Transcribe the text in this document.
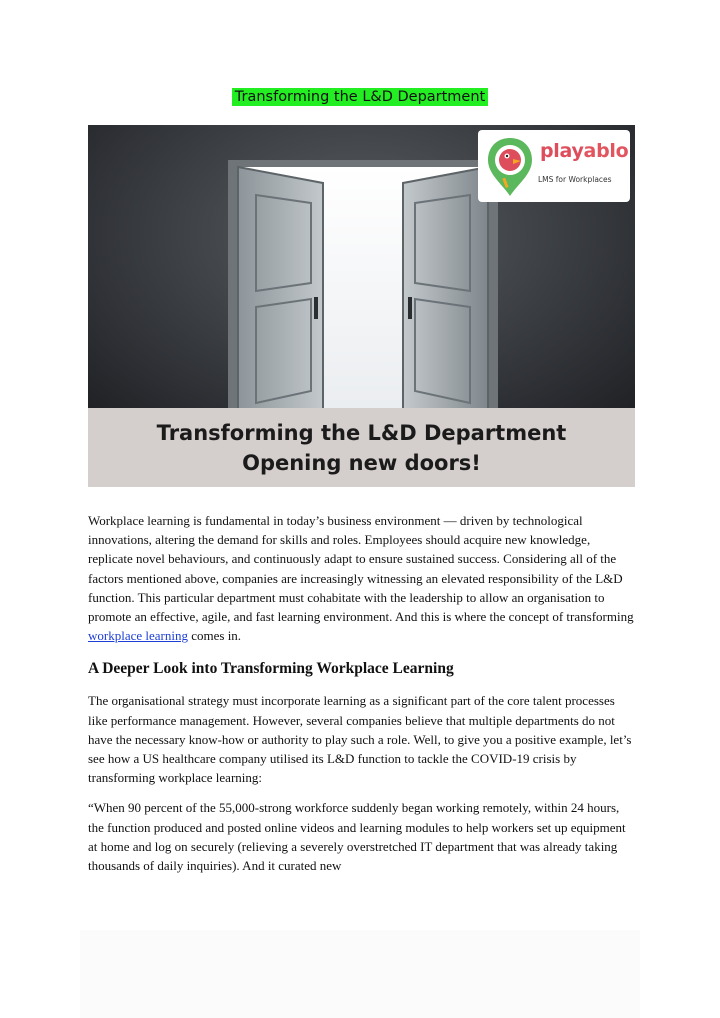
Transforming the L&D Department
playablo
LMS for Workplaces
Transforming the L&D Department
Opening new doors!

Workplace learning is fundamental in today’s business environment — driven by technological innovations, altering the demand for skills and roles. Employees should acquire new knowledge, replicate novel behaviours, and continuously adapt to ensure sustained success. Considering all of the factors mentioned above, companies are increasingly witnessing an elevated responsibility of the L&D function. This particular department must cohabitate with the leadership to allow an organisation to promote an effective, agile, and fast learning environment. And this is where the concept of transforming workplace learning comes in.

A Deeper Look into Transforming Workplace Learning

The organisational strategy must incorporate learning as a significant part of the core talent processes like performance management. However, several companies believe that multiple departments do not have the necessary know-how or authority to play such a role. Well, to give you a positive example, let’s see how a US healthcare company utilised its L&D function to tackle the COVID-19 crisis by transforming workplace learning:

“When 90 percent of the 55,000-strong workforce suddenly began working remotely, within 24 hours, the function produced and posted online videos and learning modules to help workers set up equipment at home and log on securely (relieving a severely overstretched IT department that was already taking thousands of daily inquiries). And it curated new
